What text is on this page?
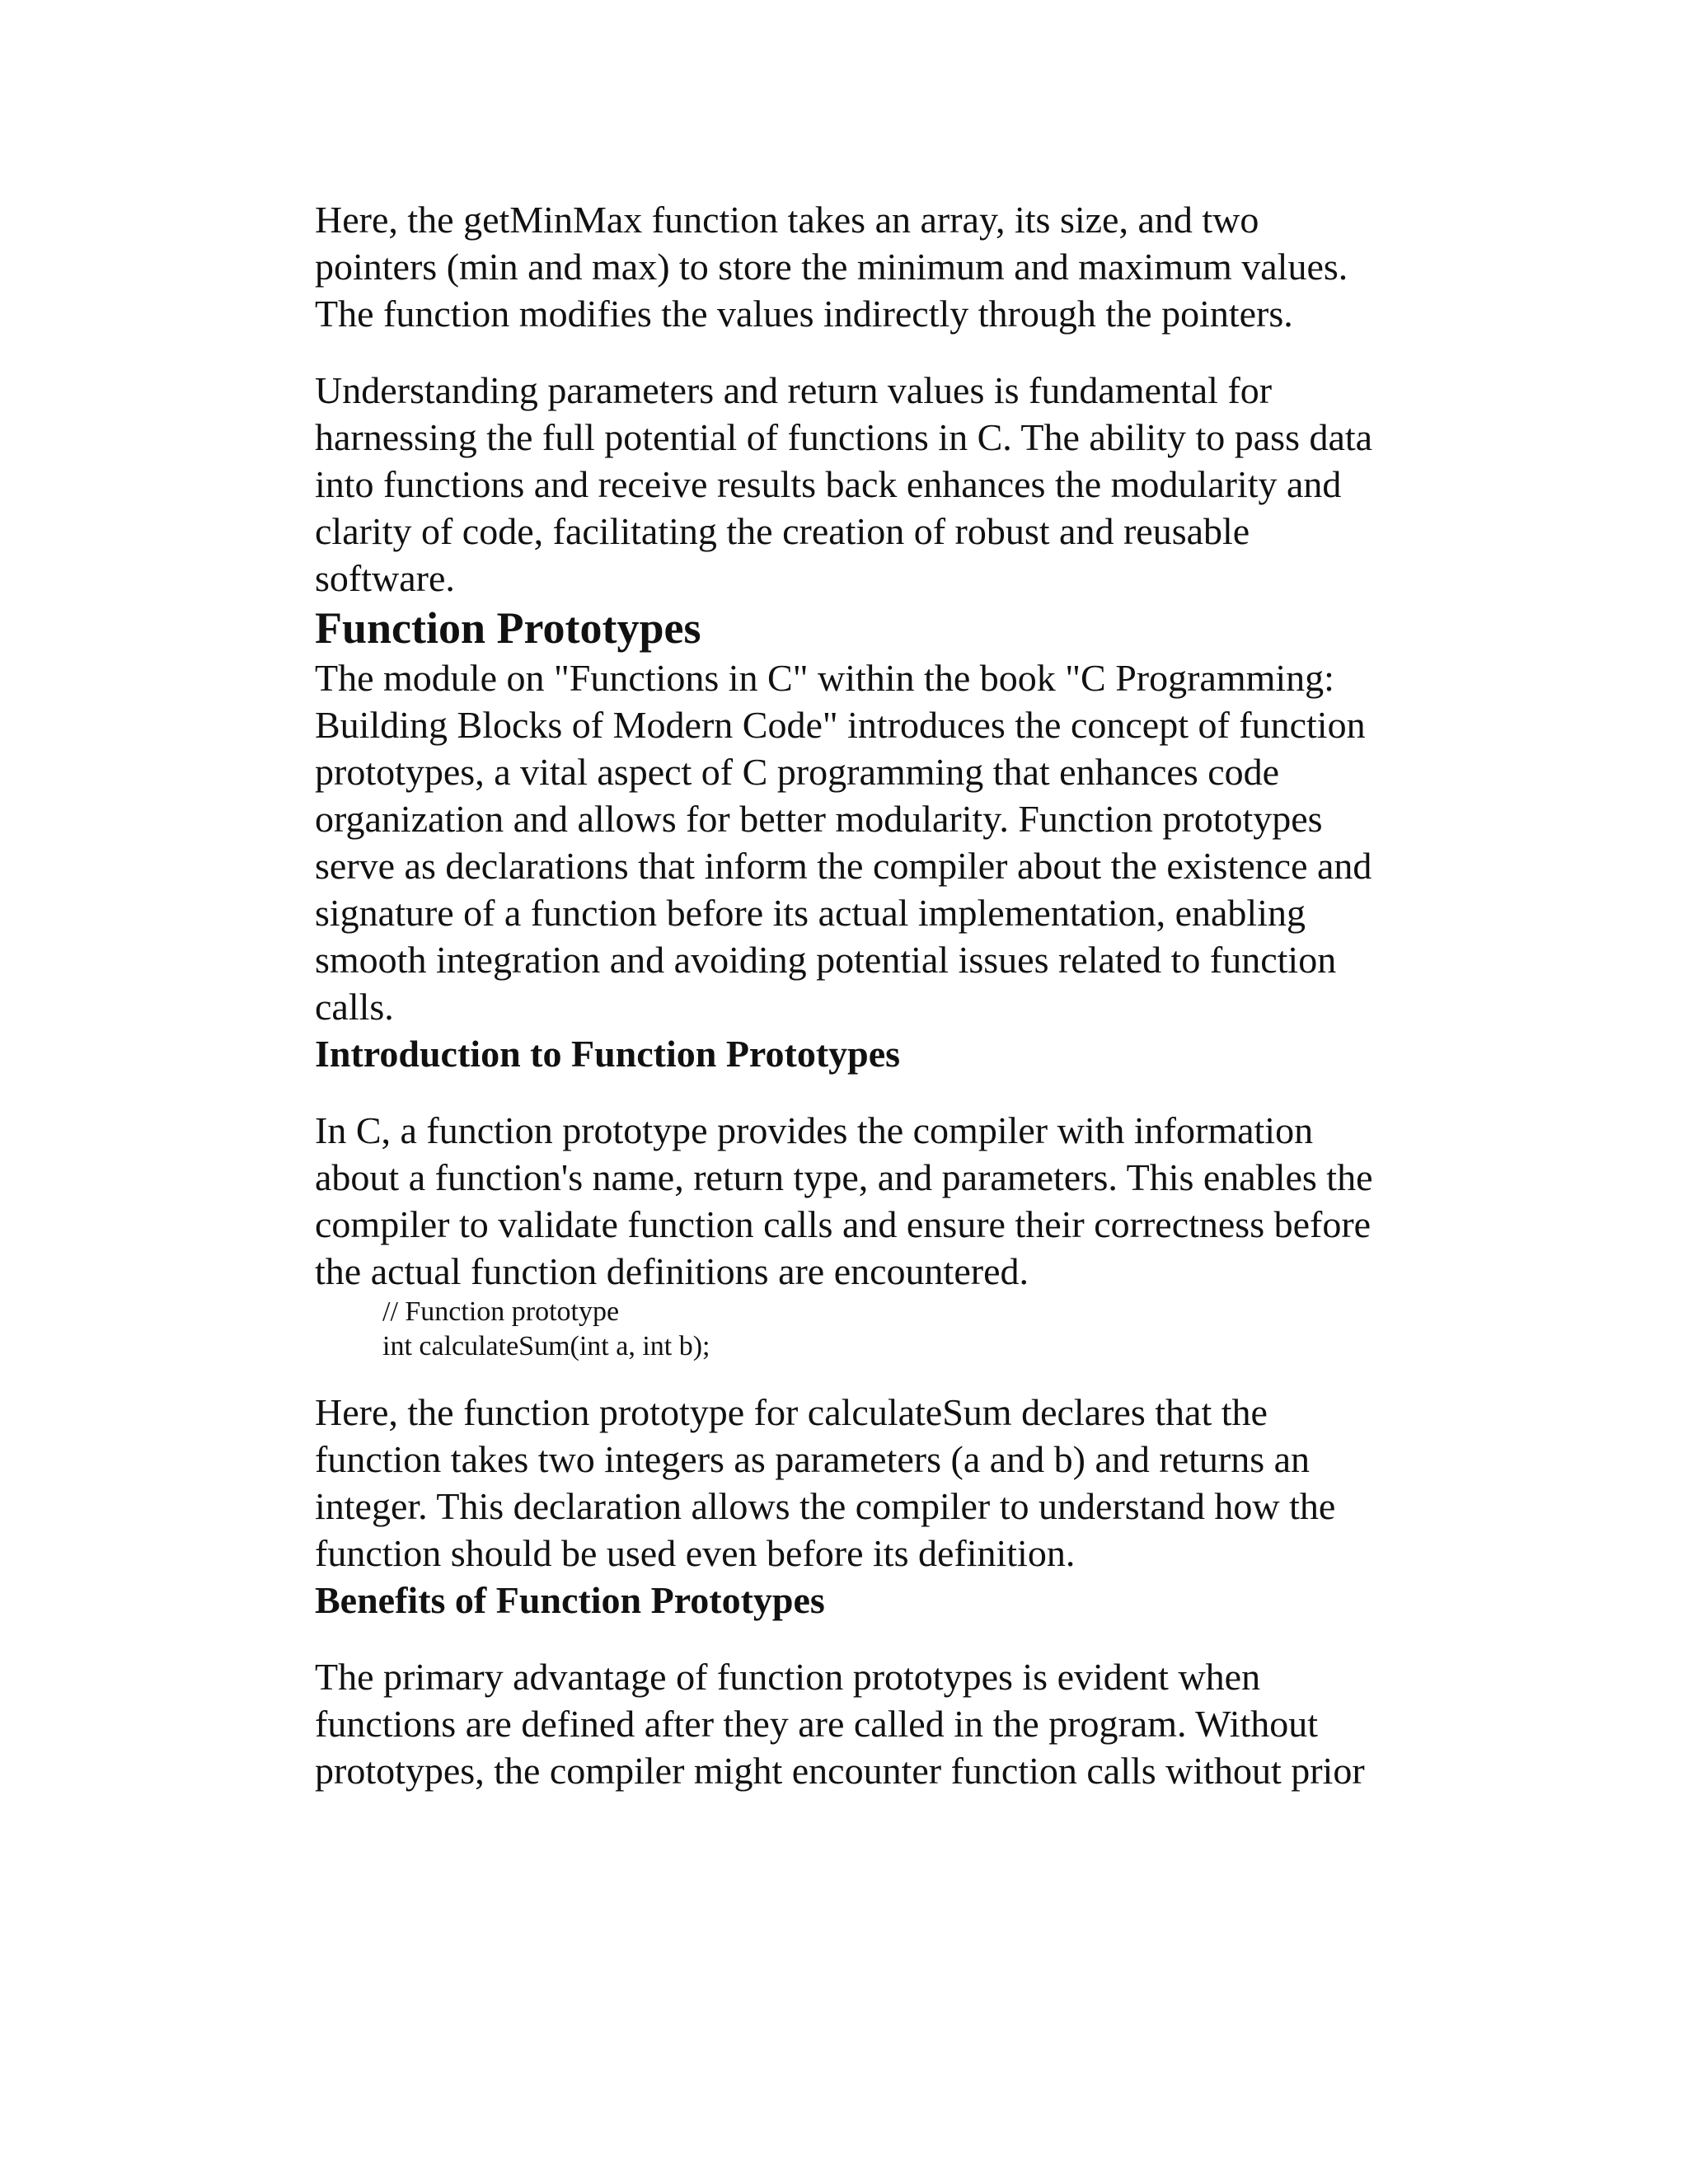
Here, the getMinMax function takes an array, its size, and two
pointers (min and max) to store the minimum and maximum values.
The function modifies the values indirectly through the pointers.

Understanding parameters and return values is fundamental for
harnessing the full potential of functions in C. The ability to pass data
into functions and receive results back enhances the modularity and
clarity of code, facilitating the creation of robust and reusable
software.

Function Prototypes

The module on "Functions in C" within the book "C Programming:
Building Blocks of Modern Code" introduces the concept of function
prototypes, a vital aspect of C programming that enhances code
organization and allows for better modularity. Function prototypes
serve as declarations that inform the compiler about the existence and
signature of a function before its actual implementation, enabling
smooth integration and avoiding potential issues related to function
calls.

Introduction to Function Prototypes

In C, a function prototype provides the compiler with information
about a function's name, return type, and parameters. This enables the
compiler to validate function calls and ensure their correctness before
the actual function definitions are encountered.

// Function prototype
int calculateSum(int a, int b);

Here, the function prototype for calculateSum declares that the
function takes two integers as parameters (a and b) and returns an
integer. This declaration allows the compiler to understand how the
function should be used even before its definition.

Benefits of Function Prototypes

The primary advantage of function prototypes is evident when
functions are defined after they are called in the program. Without
prototypes, the compiler might encounter function calls without prior
